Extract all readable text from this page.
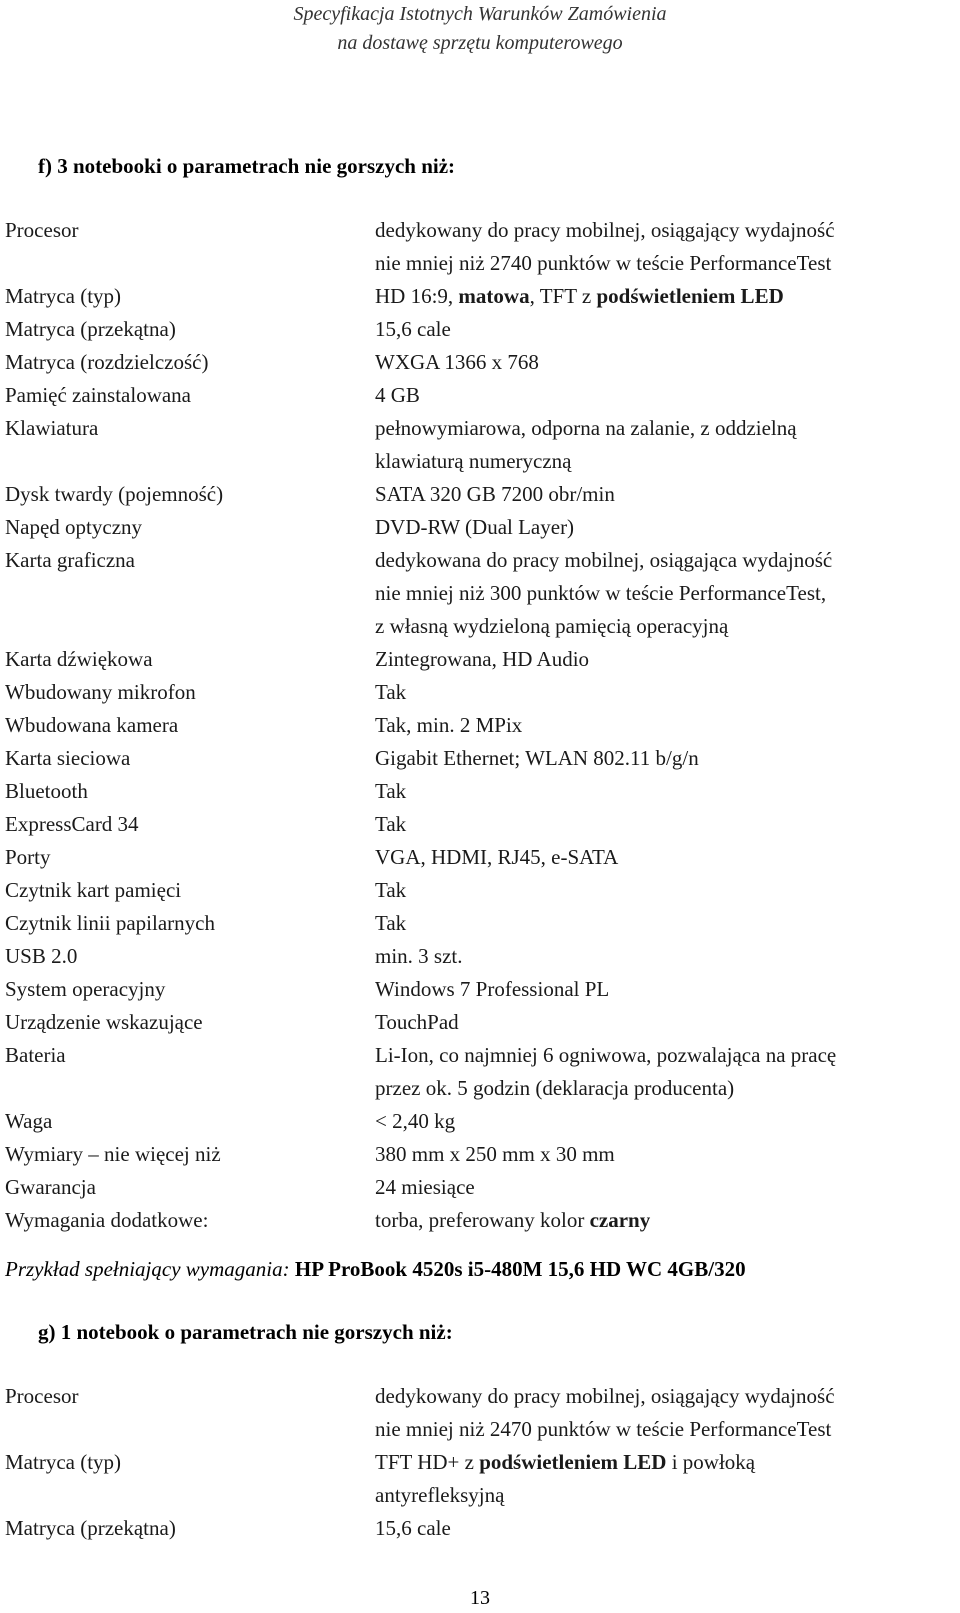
Specyfikacja Istotnych Warunków Zamówienia
na dostawę sprzętu komputerowego
f) 3 notebooki o parametrach nie gorszych niż:
Procesor	dedykowany do pracy mobilnej, osiągający wydajność
nie mniej niż 2740 punktów w teście PerformanceTest
Matryca (typ)	HD 16:9, matowa, TFT z podświetleniem LED
Matryca (przekątna)	15,6 cale
Matryca (rozdzielczość)	WXGA 1366 x 768
Pamięć zainstalowana	4 GB
Klawiatura	pełnowymiarowa, odporna na zalanie, z oddzielną
klawiaturą numeryczną
Dysk twardy (pojemność)	SATA 320 GB 7200 obr/min
Napęd optyczny	DVD-RW (Dual Layer)
Karta graficzna	dedykowana do pracy mobilnej, osiągająca wydajność
nie mniej niż 300 punktów w teście PerformanceTest,
z własną wydzieloną pamięcią operacyjną
Karta dźwiękowa	Zintegrowana, HD Audio
Wbudowany mikrofon	Tak
Wbudowana kamera	Tak, min. 2 MPix
Karta sieciowa	Gigabit Ethernet; WLAN 802.11 b/g/n
Bluetooth	Tak
ExpressCard 34	Tak
Porty	VGA, HDMI, RJ45, e-SATA
Czytnik kart pamięci	Tak
Czytnik linii papilarnych	Tak
USB 2.0	min. 3 szt.
System operacyjny	Windows 7 Professional PL
Urządzenie wskazujące	TouchPad
Bateria	Li-Ion, co najmniej 6 ogniwowa, pozwalająca na pracę
przez ok. 5 godzin (deklaracja producenta)
Waga	< 2,40 kg
Wymiary – nie więcej niż	380 mm x 250 mm x 30 mm
Gwarancja	24 miesiące
Wymagania dodatkowe:	torba, preferowany kolor czarny
Przykład spełniający wymagania: HP ProBook 4520s i5-480M 15,6 HD WC 4GB/320
g) 1 notebook o parametrach nie gorszych niż:
Procesor	dedykowany do pracy mobilnej, osiągający wydajność
nie mniej niż 2470 punktów w teście PerformanceTest
Matryca (typ)	TFT HD+ z podświetleniem LED i powłoką
antyrefleksyjną
Matryca (przekątna)	15,6 cale
13
